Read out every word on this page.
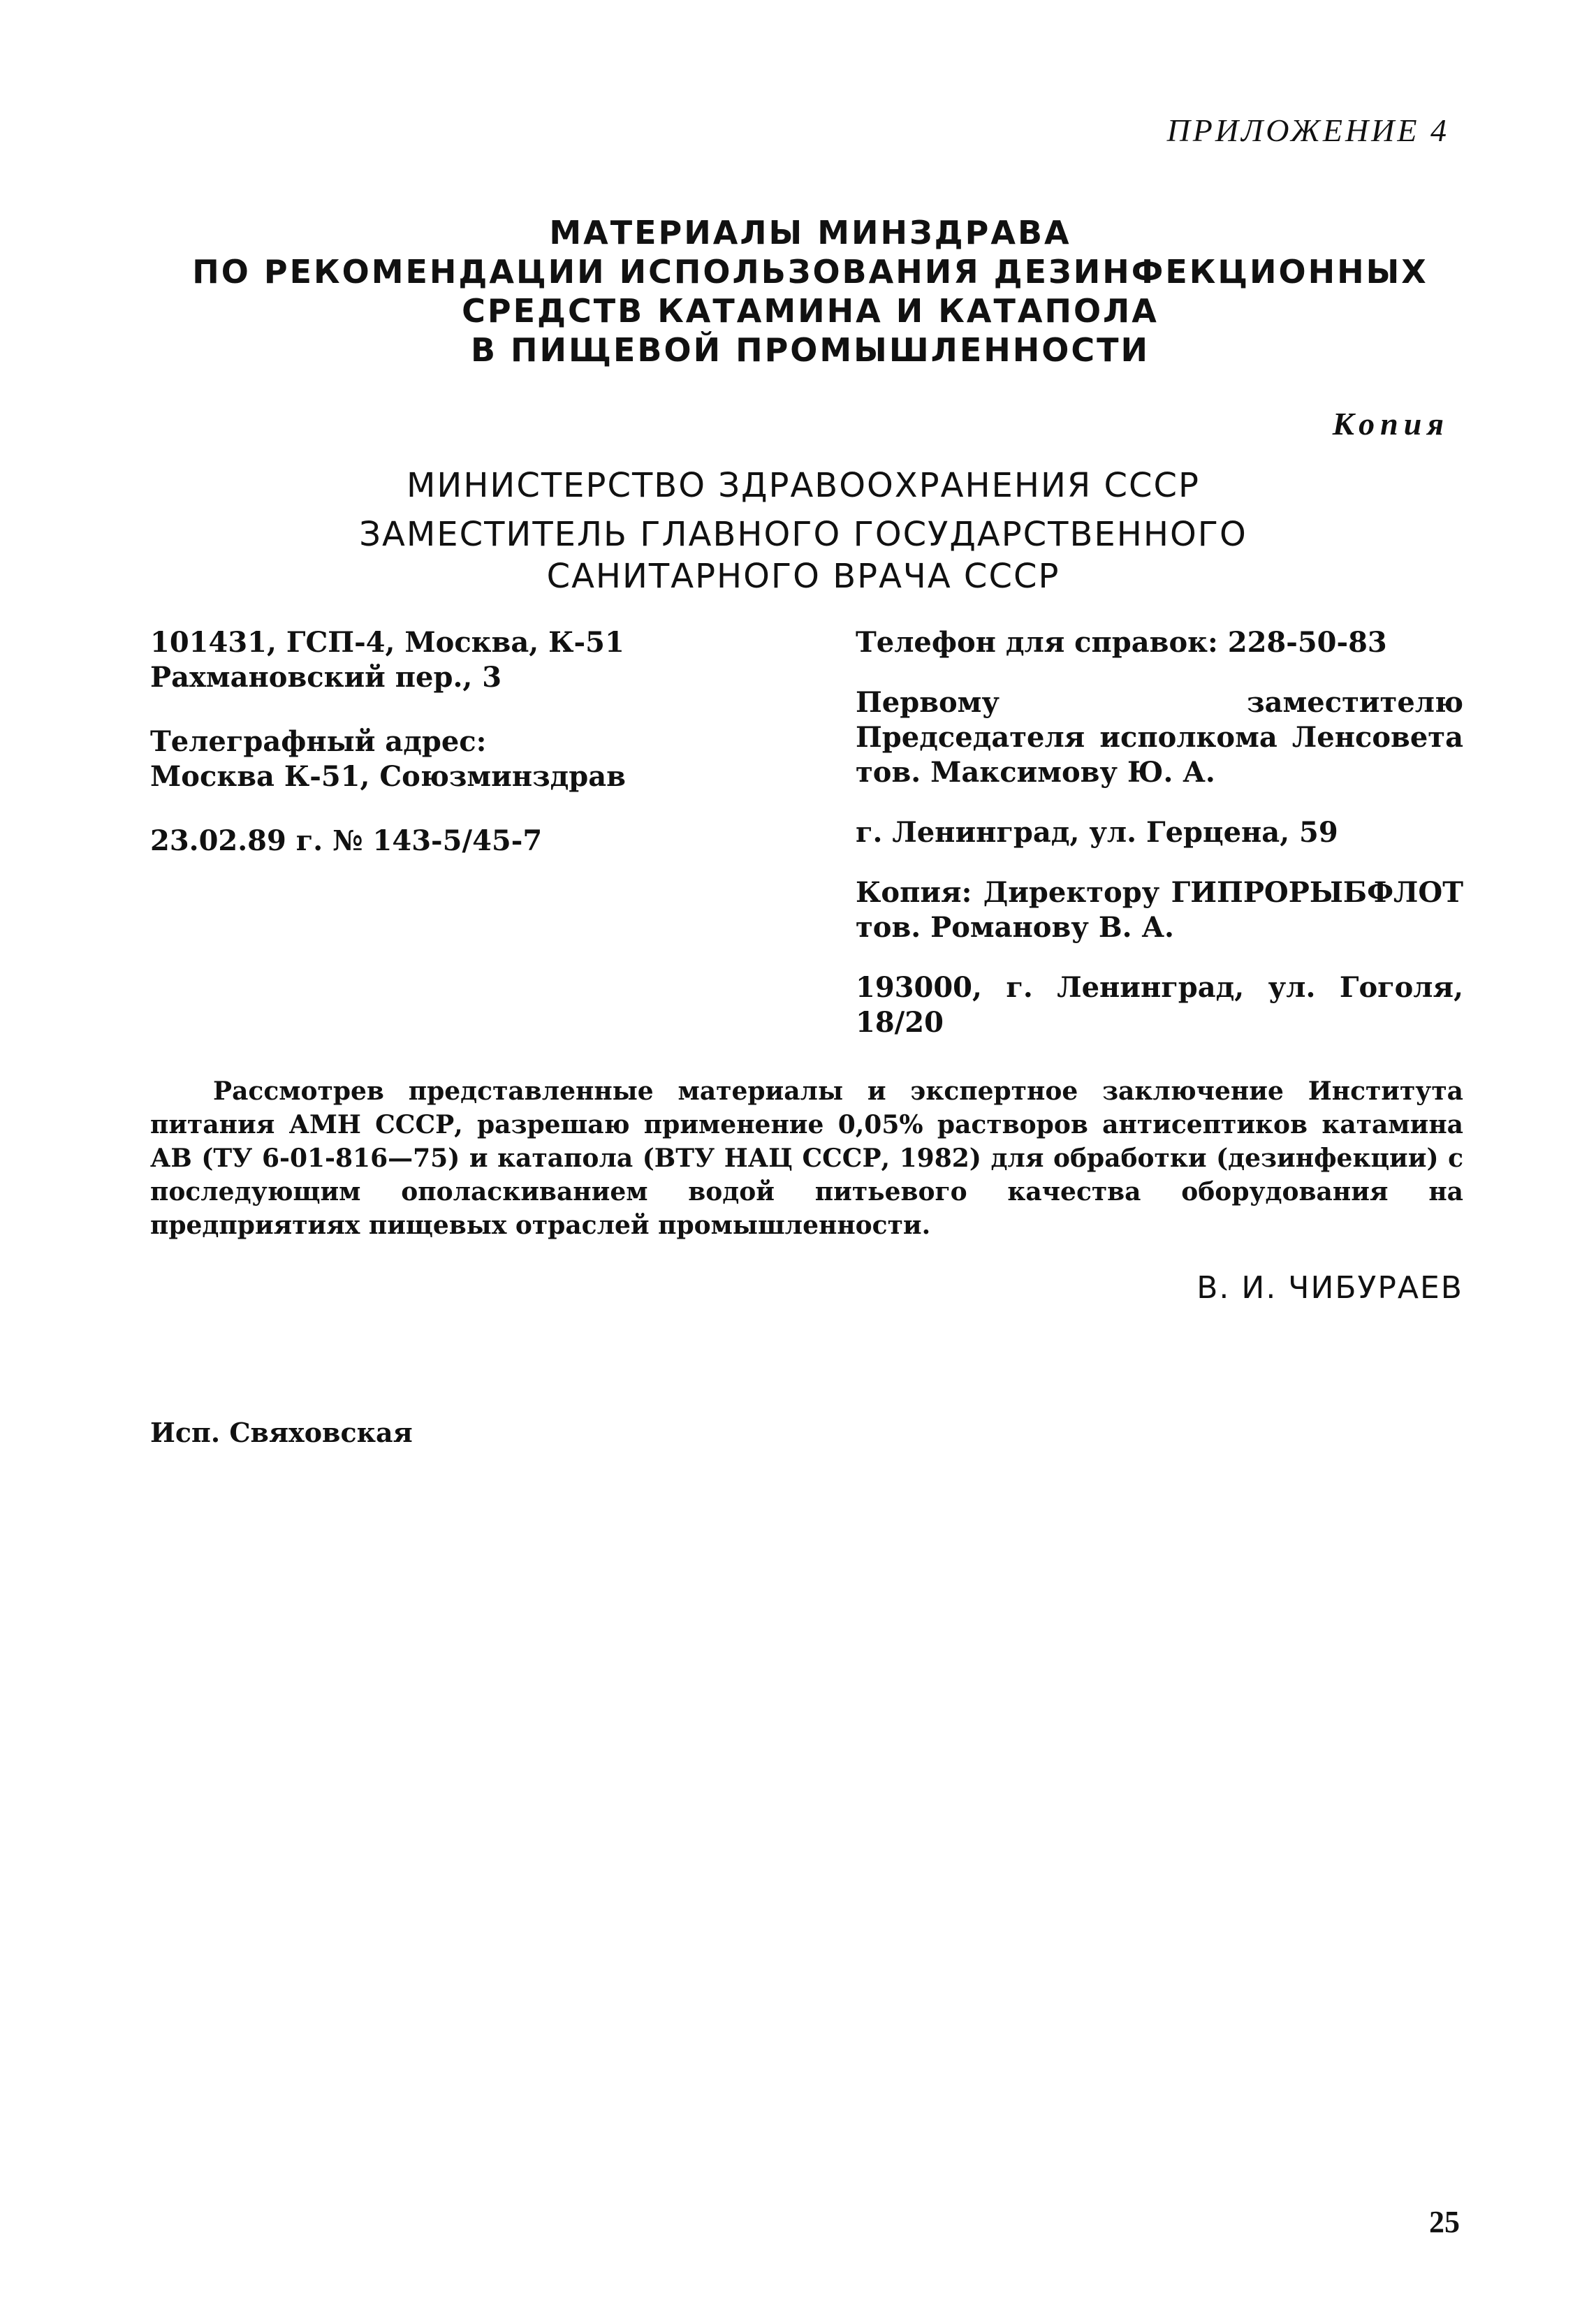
ПРИЛОЖЕНИЕ 4
МАТЕРИАЛЫ МИНЗДРАВА
ПО РЕКОМЕНДАЦИИ ИСПОЛЬЗОВАНИЯ ДЕЗИНФЕКЦИОННЫХ
СРЕДСТВ КАТАМИНА И КАТАПОЛА
В ПИЩЕВОЙ ПРОМЫШЛЕННОСТИ
Копия
МИНИСТЕРСТВО ЗДРАВООХРАНЕНИЯ СССР
ЗАМЕСТИТЕЛЬ ГЛАВНОГО ГОСУДАРСТВЕННОГО
САНИТАРНОГО ВРАЧА СССР
101431, ГСП-4, Москва, К-51
Рахмановский пер., 3
Телеграфный адрес:
Москва К-51, Союзминздрав
23.02.89 г. № 143-5/45-7
Телефон для справок: 228-50-83
Первому заместителю Председателя исполкома Ленсовета тов. Максимову Ю. А.
г. Ленинград, ул. Герцена, 59
Копия: Директору ГИПРОРЫБФЛОТ тов. Романову В. А.
193000, г. Ленинград, ул. Гоголя, 18/20
Рассмотрев представленные материалы и экспертное заключение Института питания АМН СССР, разрешаю применение 0,05% растворов антисептиков катамина АВ (ТУ 6-01-816—75) и катапола (ВТУ НАЦ СССР, 1982) для обработки (дезинфекции) с последующим ополаскиванием водой питьевого качества оборудования на предприятиях пищевых отраслей промышленности.
В. И. ЧИБУРАЕВ
Исп. Свяховская
25
